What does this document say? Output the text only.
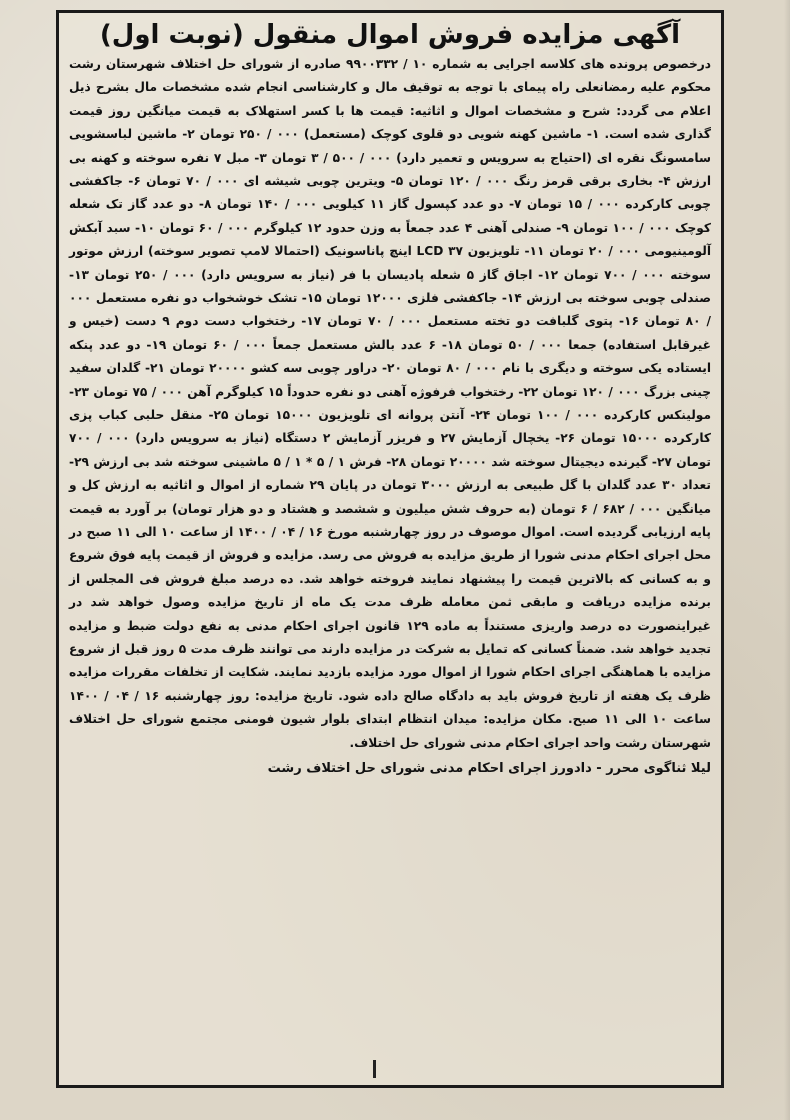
آگهی مزایده فروش اموال منقول (نوبت اول)

درخصوص پرونده های کلاسه اجرایی به شماره ۱۰ / ۹۹۰۰۳۳۲ صادره از شورای حل اختلاف شهرستان رشت محکوم علیه رمضانعلی راه پیمای با توجه به توقیف مال و کارشناسی انجام شده مشخصات مال بشرح ذیل اعلام می گردد: شرح و مشخصات اموال و اثاثیه: قیمت ها با کسر استهلاک به قیمت میانگین روز قیمت گذاری شده است. ۱- ماشین کهنه شویی دو قلوی کوچک (مستعمل) ۰۰۰ / ۲۵۰ تومان ۲- ماشین لباسشویی سامسونگ نقره ای (احتیاج به سرویس و تعمیر دارد) ۰۰۰ / ۵۰۰ / ۳ تومان ۳- مبل ۷ نفره سوخته و کهنه بی ارزش ۴- بخاری برقی قرمز رنگ ۰۰۰ / ۱۲۰ تومان ۵- ویترین چوبی شیشه ای ۰۰۰ / ۷۰ تومان ۶- جاکفشی چوبی کارکرده ۰۰۰ / ۱۵ تومان ۷- دو عدد کپسول گاز ۱۱ کیلویی ۰۰۰ / ۱۴۰ تومان ۸- دو عدد گاز تک شعله کوچک ۰۰۰ / ۱۰۰ تومان ۹- صندلی آهنی ۴ عدد جمعاً به وزن حدود ۱۲ کیلوگرم ۰۰۰ / ۶۰ تومان ۱۰- سبد آبکش آلومینیومی ۰۰۰ / ۲۰ تومان ۱۱- تلویزیون LCD ۳۷ اینچ پاناسونیک (احتمالا لامپ تصویر سوخته) ارزش موتور سوخته ۰۰۰ / ۷۰۰ تومان ۱۲- اجاق گاز ۵ شعله پادیسان با فر (نیاز به سرویس دارد) ۰۰۰ / ۲۵۰ تومان ۱۳- صندلی چوبی سوخته بی ارزش ۱۴- جاکفشی فلزی ۱۲۰۰۰ تومان ۱۵- تشک خوشخواب دو نفره مستعمل ۰۰۰ / ۸۰ تومان ۱۶- پتوی گلبافت دو تخته مستعمل ۰۰۰ / ۷۰ تومان ۱۷- رختخواب دست دوم ۹ دست (خیس و غیرقابل استفاده) جمعا ۰۰۰ / ۵۰ تومان ۱۸- ۶ عدد بالش مستعمل جمعاً ۰۰۰ / ۶۰ تومان ۱۹- دو عدد پنکه ایستاده یکی سوخته و دیگری با نام ۰۰۰ / ۸۰ تومان ۲۰- دراور چوبی سه کشو ۲۰۰۰۰ تومان ۲۱- گلدان سفید چینی بزرگ ۰۰۰ / ۱۲۰ تومان ۲۲- رختخواب فرفوژه آهنی دو نفره حدوداً ۱۵ کیلوگرم آهن ۰۰۰ / ۷۵ تومان ۲۳- مولینکس کارکرده ۰۰۰ / ۱۰۰ تومان ۲۴- آنتن پروانه ای تلویزیون ۱۵۰۰۰ تومان ۲۵- منقل حلبی کباب پزی کارکرده ۱۵۰۰۰ تومان ۲۶- یخچال آزمایش ۲۷ و فریزر آزمایش ۲ دستگاه (نیاز به سرویس دارد) ۰۰۰ / ۷۰۰ تومان ۲۷- گیرنده دیجیتال سوخته شد ۲۰۰۰۰ تومان ۲۸- فرش ۱ / ۵ * ۱ / ۵ ماشینی سوخته شد بی ارزش ۲۹- تعداد ۳۰ عدد گلدان با گل طبیعی به ارزش ۳۰۰۰ تومان در پایان ۲۹ شماره از اموال و اثاثیه به ارزش کل و میانگین ۰۰۰ / ۶۸۲ / ۶ تومان (به حروف شش میلیون و ششصد و هشتاد و دو هزار تومان) بر آورد به قیمت پایه ارزیابی گردیده است. اموال موصوف در روز چهارشنبه مورخ ۱۶ / ۰۴ / ۱۴۰۰ از ساعت ۱۰ الی ۱۱ صبح در محل اجرای احکام مدنی شورا از طریق مزایده به فروش می رسد. مزایده و فروش از قیمت پایه فوق شروع و به کسانی که بالاترین قیمت را پیشنهاد نمایند فروخته خواهد شد. ده درصد مبلغ فروش فی المجلس از برنده مزایده دریافت و مابقی ثمن معامله ظرف مدت یک ماه از تاریخ مزایده وصول خواهد شد در غیراینصورت ده درصد واریزی مستنداً به ماده ۱۲۹ قانون اجرای احکام مدنی به نفع دولت ضبط و مزایده تجدید خواهد شد. ضمناً کسانی که تمایل به شرکت در مزایده دارند می توانند ظرف مدت ۵ روز قبل از شروع مزایده با هماهنگی اجرای احکام شورا از اموال مورد مزایده بازدید نمایند. شکایت از تخلفات مقررات مزایده ظرف یک هفته از تاریخ فروش باید به دادگاه صالح داده شود. تاریخ مزایده: روز چهارشنبه ۱۶ / ۰۴ / ۱۴۰۰ ساعت ۱۰ الی ۱۱ صبح. مکان مزایده: میدان انتظام ابتدای بلوار شیون فومنی مجتمع شورای حل اختلاف شهرستان رشت واحد اجرای احکام مدنی شورای حل اختلاف.

لیلا ثناگوی محرر - دادورز اجرای احکام مدنی شورای حل اختلاف رشت
